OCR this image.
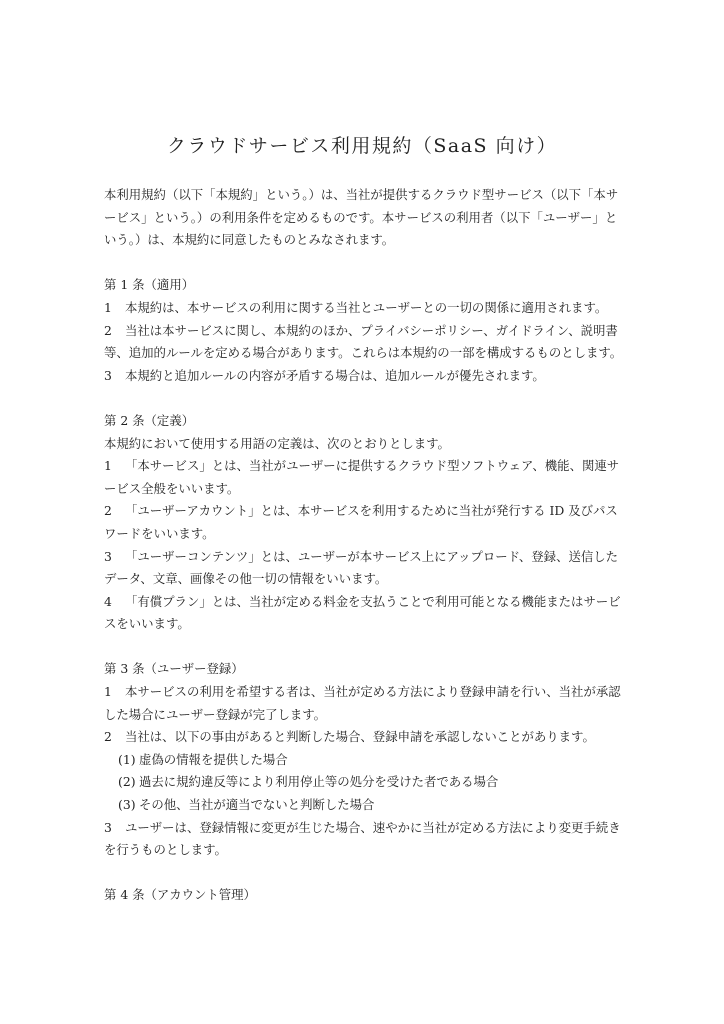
クラウドサービス利用規約（SaaS 向け）

本利用規約（以下「本規約」という。）は、当社が提供するクラウド型サービス（以下「本サービス」という。）の利用条件を定めるものです。本サービスの利用者（以下「ユーザー」という。）は、本規約に同意したものとみなされます。

第 1 条（適用）

1 本規約は、本サービスの利用に関する当社とユーザーとの一切の関係に適用されます。

2 当社は本サービスに関し、本規約のほか、プライバシーポリシー、ガイドライン、説明書等、追加的ルールを定める場合があります。これらは本規約の一部を構成するものとします。

3 本規約と追加ルールの内容が矛盾する場合は、追加ルールが優先されます。

第 2 条（定義）

本規約において使用する用語の定義は、次のとおりとします。

1 「本サービス」とは、当社がユーザーに提供するクラウド型ソフトウェア、機能、関連サービス全般をいいます。

2 「ユーザーアカウント」とは、本サービスを利用するために当社が発行する ID 及びパスワードをいいます。

3 「ユーザーコンテンツ」とは、ユーザーが本サービス上にアップロード、登録、送信したデータ、文章、画像その他一切の情報をいいます。

4 「有償プラン」とは、当社が定める料金を支払うことで利用可能となる機能またはサービスをいいます。

第 3 条（ユーザー登録）

1 本サービスの利用を希望する者は、当社が定める方法により登録申請を行い、当社が承認した場合にユーザー登録が完了します。

2 当社は、以下の事由があると判断した場合、登録申請を承認しないことがあります。

(1) 虚偽の情報を提供した場合

(2) 過去に規約違反等により利用停止等の処分を受けた者である場合

(3) その他、当社が適当でないと判断した場合

3 ユーザーは、登録情報に変更が生じた場合、速やかに当社が定める方法により変更手続きを行うものとします。

第 4 条（アカウント管理）
